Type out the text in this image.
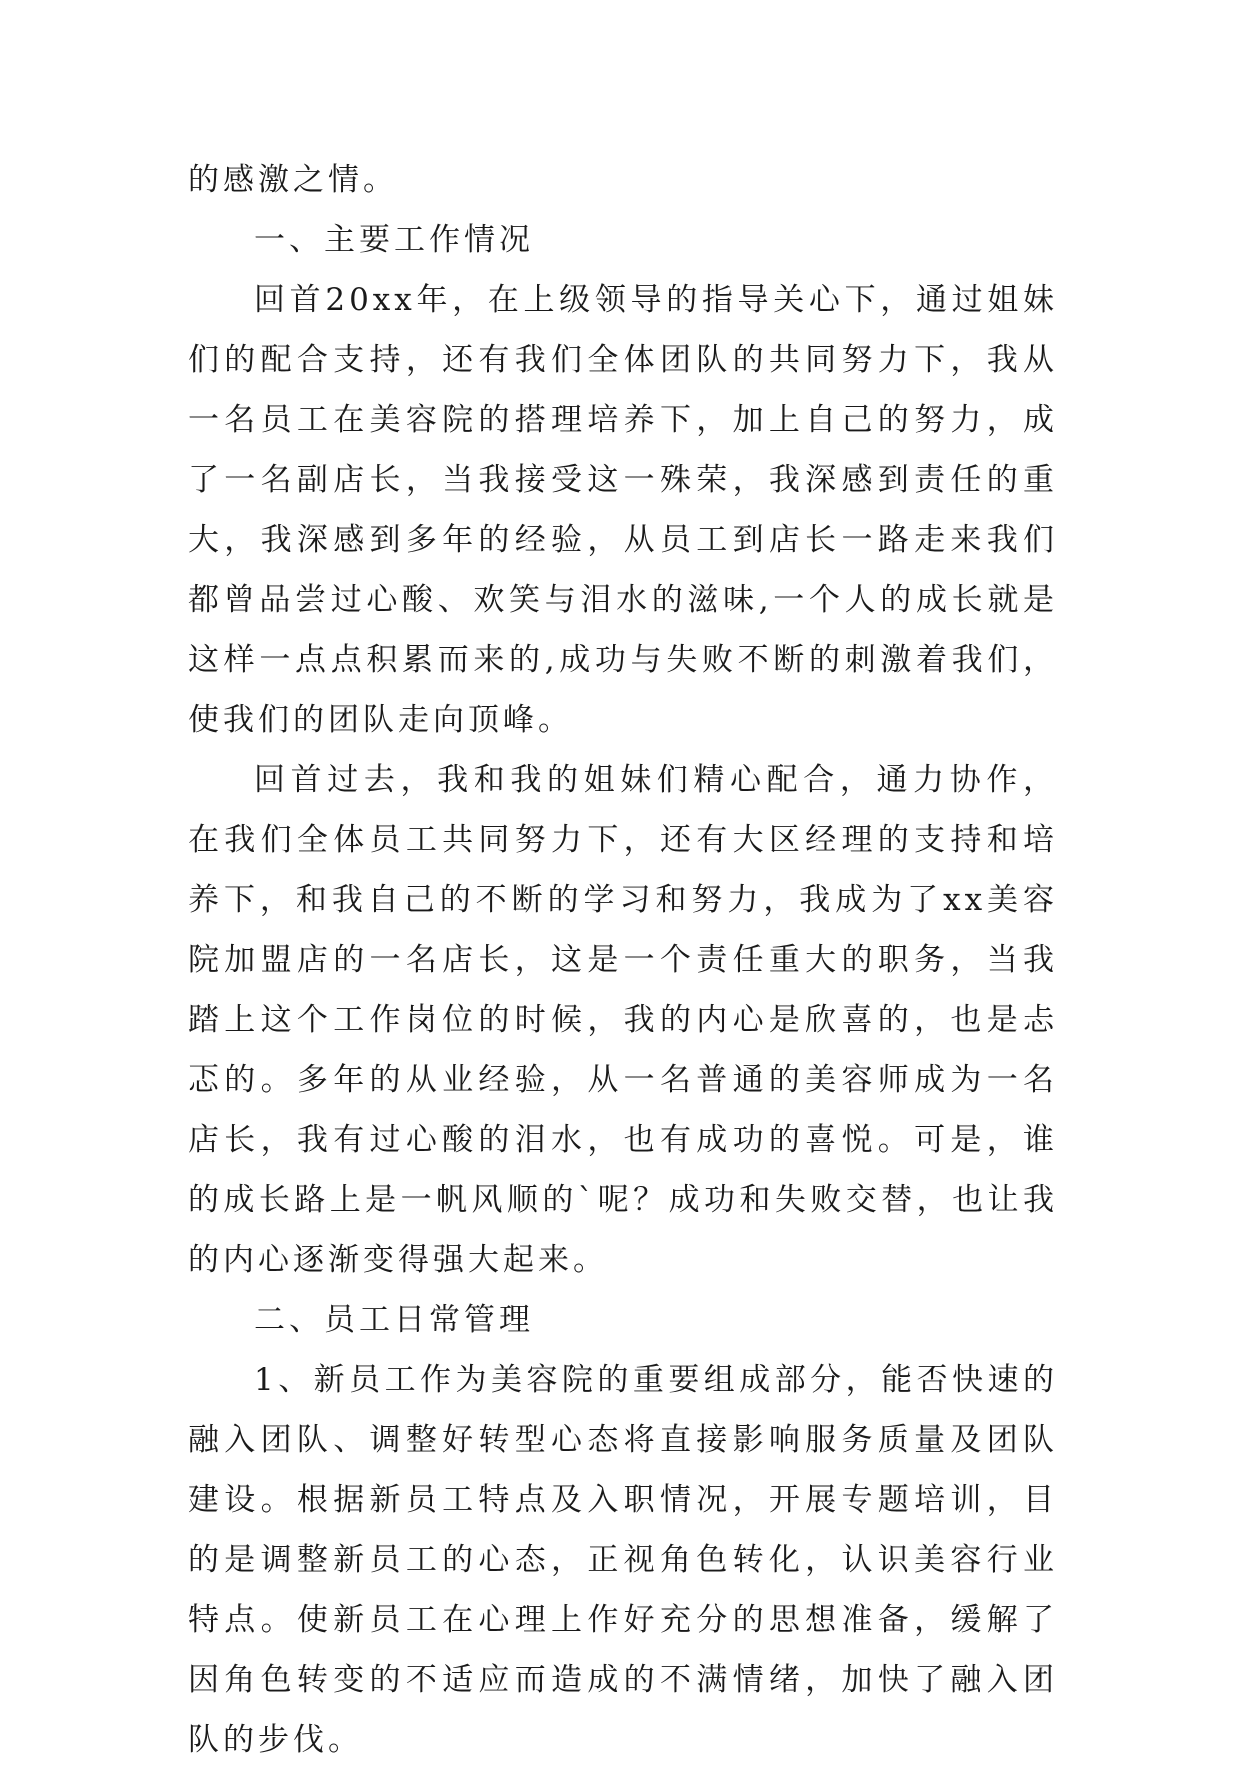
的感激之情。

一、主要工作情况

回首20xx年，在上级领导的指导关心下，通过姐妹们的配合支持，还有我们全体团队的共同努力下，我从一名员工在美容院的搭理培养下，加上自己的努力，成了一名副店长，当我接受这一殊荣，我深感到责任的重大，我深感到多年的经验，从员工到店长一路走来我们都曾品尝过心酸、欢笑与泪水的滋味,一个人的成长就是这样一点点积累而来的,成功与失败不断的刺激着我们，使我们的团队走向顶峰。

回首过去，我和我的姐妹们精心配合，通力协作，在我们全体员工共同努力下，还有大区经理的支持和培养下，和我自己的不断的学习和努力，我成为了xx美容院加盟店的一名店长，这是一个责任重大的职务，当我踏上这个工作岗位的时候，我的内心是欣喜的，也是忐忑的。多年的从业经验，从一名普通的美容师成为一名店长，我有过心酸的泪水，也有成功的喜悦。可是，谁的成长路上是一帆风顺的`呢？成功和失败交替，也让我的内心逐渐变得强大起来。

二、员工日常管理

1、新员工作为美容院的重要组成部分，能否快速的融入团队、调整好转型心态将直接影响服务质量及团队建设。根据新员工特点及入职情况，开展专题培训，目的是调整新员工的心态，正视角色转化，认识美容行业特点。使新员工在心理上作好充分的思想准备，缓解了因角色转变的不适应而造成的不满情绪，加快了融入团队的步伐。
